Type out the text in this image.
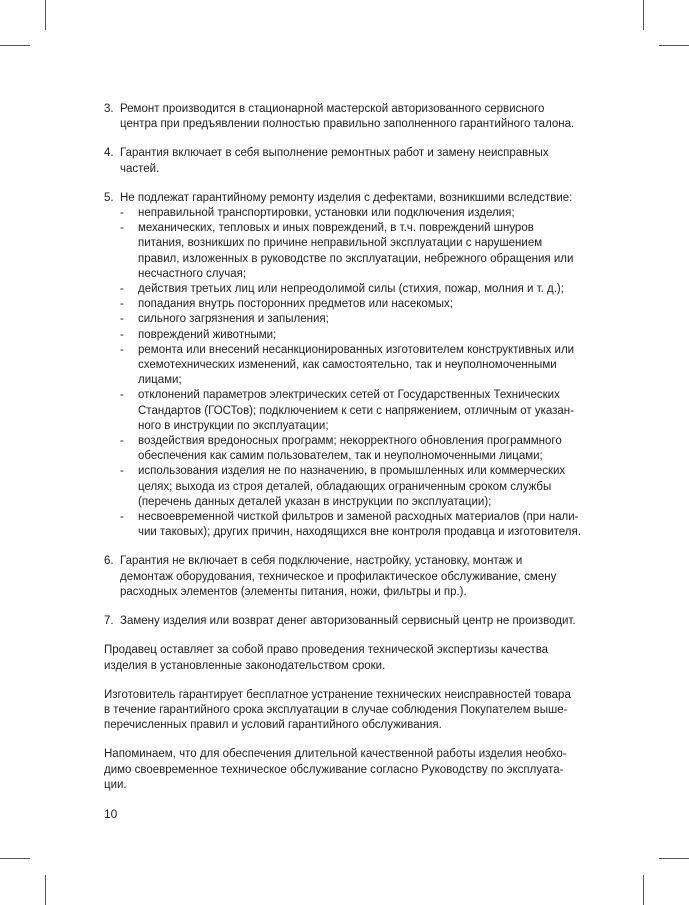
3. Ремонт производится в стационарной мастерской авторизованного сервисного
центра при предъявлении полностью правильно заполненного гарантийного талона.
4. Гарантия включает в себя выполнение ремонтных работ и замену неисправных
частей.
5. Не подлежат гарантийному ремонту изделия с дефектами, возникшими вследствие:
- неправильной транспортировки, установки или подключения изделия;
- механических, тепловых и иных повреждений, в т.ч. повреждений шнуров
питания, возникших по причине неправильной эксплуатации с нарушением
правил, изложенных в руководстве по эксплуатации, небрежного обращения или
несчастного случая;
- действия третьих лиц или непреодолимой силы (стихия, пожар, молния и т. д.);
- попадания внутрь посторонних предметов или насекомых;
- сильного загрязнения и запыления;
- повреждений животными;
- ремонта или внесений несанкционированных изготовителем конструктивных или
схемотехнических изменений, как самостоятельно, так и неуполномоченными
лицами;
- отклонений параметров электрических сетей от Государственных Технических
Стандартов (ГОСТов); подключением к сети с напряжением, отличным от указан-
ного в инструкции по эксплуатации;
- воздействия вредоносных программ; некорректного обновления программного
обеспечения как самим пользователем, так и неуполномоченными лицами;
- использования изделия не по назначению, в промышленных или коммерческих
целях; выхода из строя деталей, обладающих ограниченным сроком службы
(перечень данных деталей указан в инструкции по эксплуатации);
- несвоевременной чисткой фильтров и заменой расходных материалов (при нали-
чии таковых); других причин, находящихся вне контроля продавца и изготовителя.
6. Гарантия не включает в себя подключение, настройку, установку, монтаж и
демонтаж оборудования, техническое и профилактическое обслуживание, смену
расходных элементов (элементы питания, ножи, фильтры и пр.).
7. Замену изделия или возврат денег авторизованный сервисный центр не производит.
Продавец оставляет за собой право проведения технической экспертизы качества
изделия в установленные законодательством сроки.
Изготовитель гарантирует бесплатное устранение технических неисправностей товара
в течение гарантийного срока эксплуатации в случае соблюдения Покупателем выше-
перечисленных правил и условий гарантийного обслуживания.
Напоминаем, что для обеспечения длительной качественной работы изделия необхо-
димо своевременное техническое обслуживание согласно Руководству по эксплуата-
ции.
10
